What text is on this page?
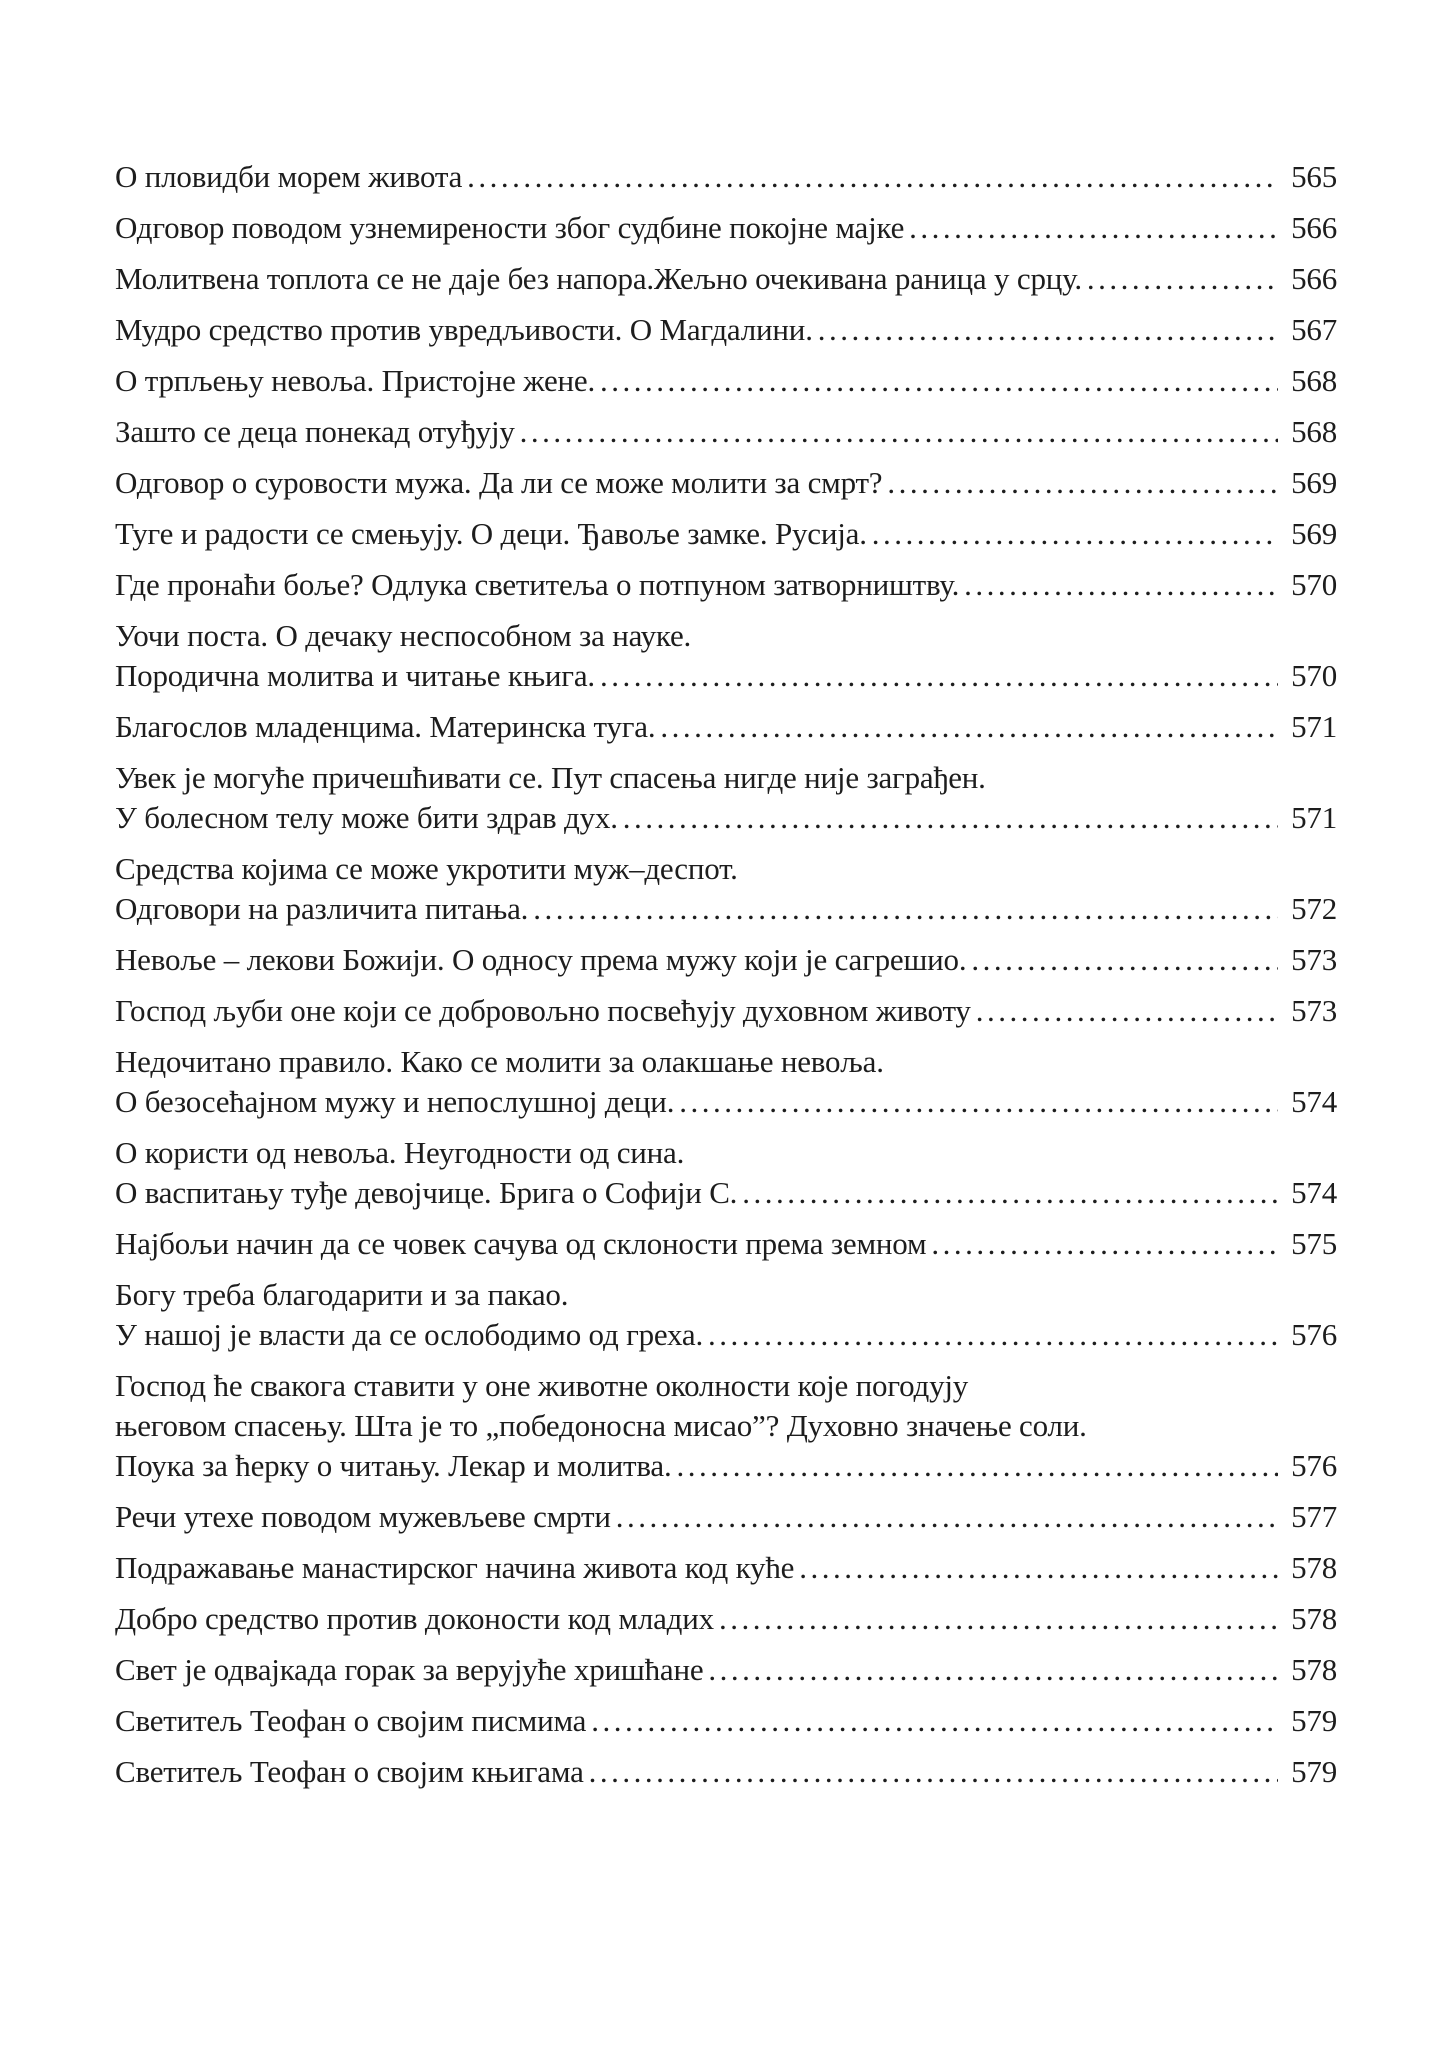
О пловидби морем живота .....	565
Одговор поводом узнемирености због судбине покојне мајке .....	566
Молитвена топлота се не даје без напора.Жељно очекивана раница у срцу. .....	566
Мудро средство против увредљивости. О Магдалини. .....	567
О трпљењу невоља. Пристојне жене. .....	568
Зашто се деца понекад отуђују .....	568
Одговор о суровости мужа. Да ли се може молити за смрт? .....	569
Туге и радости се смењују. О деци. Ђавоље замке. Русија. .....	569
Где пронаћи боље? Одлука светитеља о потпуном затворништву. .....	570
Уочи поста. О дечаку неспособном за науке.
Породична молитва и читање књига. .....	570
Благослов младенцима. Материнска туга. .....	571
Увек је могуће причешћивати се. Пут спасења нигде није заграђен.
У болесном телу може бити здрав дух. .....	571
Средства којима се може укротити муж–деспот.
Одговори на различита питања. .....	572
Невоље – лекови Божији. О односу према мужу који је сагрешио. .....	573
Господ љуби оне који се добровољно посвећују духовном животу .....	573
Недочитано правило. Како се молити за олакшање невоља.
О безосећајном мужу и непослушној деци. .....	574
О користи од невоља. Неугодности од сина.
О васпитању туђе девојчице. Брига о Софији С. .....	574
Најбољи начин да се човек сачува од склоности према земном .....	575
Богу треба благодарити и за пакао.
У нашој је власти да се ослободимо од греха. .....	576
Господ ће свакога ставити у оне животне околности које погодују
његовом спасењу. Шта је то „победоносна мисао”? Духовно значење соли.
Поука за ћерку о читању. Лекар и молитва. .....	576
Речи утехе поводом мужевљеве смрти .....	577
Подражавање манастирског начина живота код куће .....	578
Добро средство против доконости код младих .....	578
Свет је одвајкада горак за верујуће хришћане .....	578
Светитељ Теофан о својим писмима .....	579
Светитељ Теофан о својим књигама .....	579
